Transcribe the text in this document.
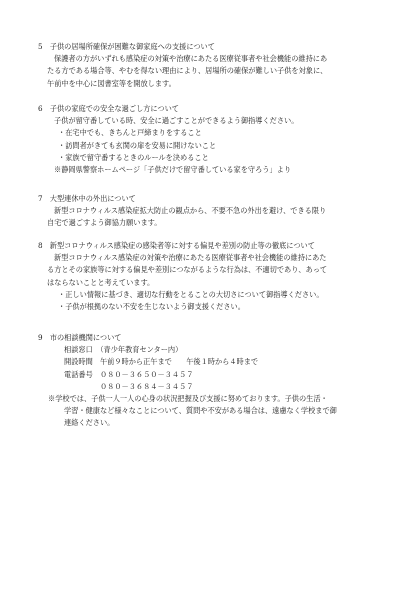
5　子供の居場所確保が困難な御家庭への支援について
保護者の方がいずれも感染症の対策や治療にあたる医療従事者や社会機能の維持にあ
たる方である場合等、やむを得ない理由により、居場所の確保が難しい子供を対象に、
午前中を中心に図書室等を開放します。
6　子供の家庭での安全な過ごし方について
子供が留守番している時、安全に過ごすことができるよう御指導ください。
・在宅中でも、きちんと戸締まりをすること
・訪問者がきても玄関の扉を安易に開けないこと
・家族で留守番するときのルールを決めること
※静岡県警察ホームページ「子供だけで留守番している家を守ろう」より
7　大型連休中の外出について
新型コロナウィルス感染症拡大防止の観点から、不要不急の外出を避け、できる限り
自宅で過ごすよう御協力願います。
8　新型コロナウィルス感染症の感染者等に対する偏見や差別の防止等の徹底について
新型コロナウィルス感染症の対策や治療にあたる医療従事者や社会機能の維持にあた
る方とその家族等に対する偏見や差別につながるような行為は、不適切であり、あって
はならないことと考えています。
・正しい情報に基づき、適切な行動をとることの大切さについて御指導ください。
・子供が根拠のない不安を生じないよう御支援ください。
9　市の相談機関について
相談窓口　（青少年教育センター内）
開設時間　午前９時から正午まで　　午後１時から４時まで
電話番号　０８０－３６５０－３４５７
　　　　　０８０－３６８４－３４５７
※学校では、子供一人一人の心身の状況把握及び支援に努めております。子供の生活・
学習・健康など様々なことについて、質問や不安がある場合は、遠慮なく学校まで御
連絡ください。
